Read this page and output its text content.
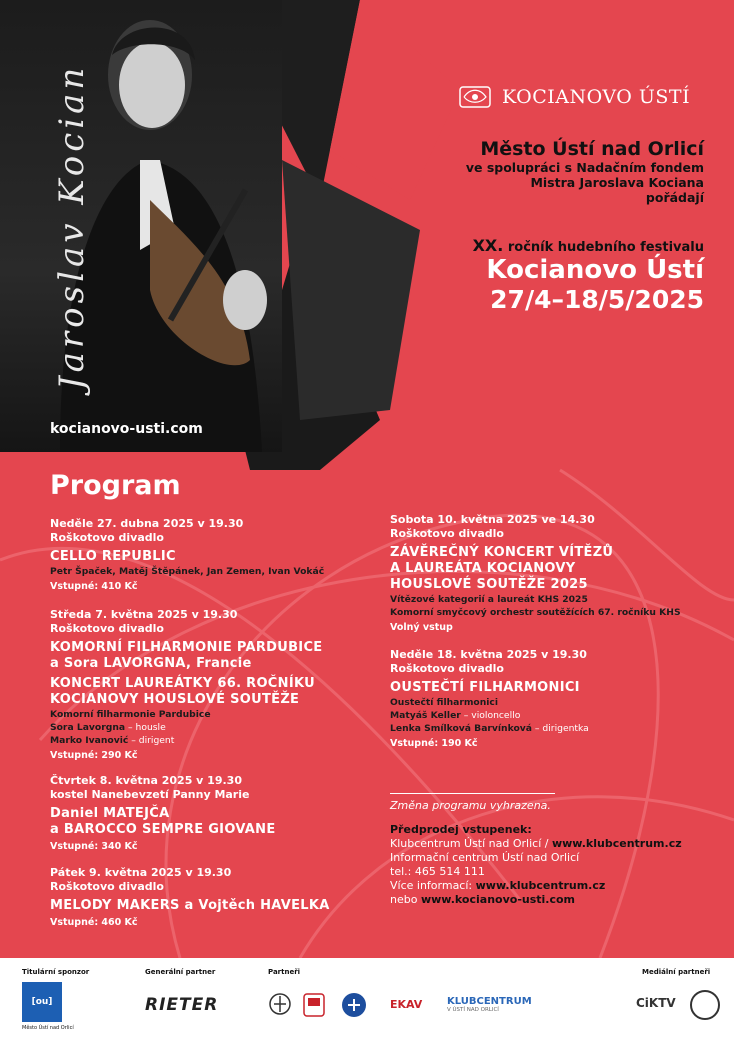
Jaroslav Kocian
kocianovo-usti.com
KOCIANOVO ÚSTÍ
Město Ústí nad Orlicí
ve spolupráci s Nadačním fondem
Mistra Jaroslava Kociana
pořádají
XX. ročník hudebního festivalu
Kocianovo Ústí
27/4–18/5/2025
Program
Neděle 27. dubna 2025 v 19.30
Roškotovo divadlo
CELLO REPUBLIC
Petr Špaček, Matěj Štěpánek, Jan Zemen, Ivan Vokáč
Vstupné: 410 Kč
Středa 7. května 2025 v 19.30
Roškotovo divadlo
KOMORNÍ FILHARMONIE PARDUBICE
a Sora LAVORGNA, Francie
KONCERT LAUREÁTKY 66. ROČNÍKU
KOCIANOVY HOUSLOVÉ SOUTĚŽE
Komorní filharmonie Pardubice
Sora Lavorgna – housle
Marko Ivanović – dirigent
Vstupné: 290 Kč
Čtvrtek 8. května 2025 v 19.30
kostel Nanebevzetí Panny Marie
Daniel MATEJČA
a BAROCCO SEMPRE GIOVANE
Vstupné: 340 Kč
Pátek 9. května 2025 v 19.30
Roškotovo divadlo
MELODY MAKERS a Vojtěch HAVELKA
Vstupné: 460 Kč
Sobota 10. května 2025 ve 14.30
Roškotovo divadlo
ZÁVĚREČNÝ KONCERT VÍTĚZŮ
A LAUREÁTA KOCIANOVY
HOUSLOVÉ SOUTĚŽE 2025
Vítězové kategorií a laureát KHS 2025
Komorní smyčcový orchestr soutěžících 67. ročníku KHS
Volný vstup
Neděle 18. května 2025 v 19.30
Roškotovo divadlo
OUSTEČTÍ FILHARMONICI
Oustečtí filharmonici
Matyáš Keller – violoncello
Lenka Smílková Barvínková – dirigentka
Vstupné: 190 Kč
Změna programu vyhrazena.
Předprodej vstupenek:
Klubcentrum Ústí nad Orlicí / www.klubcentrum.cz
Informační centrum Ústí nad Orlicí
tel.: 465 514 111
Více informací: www.klubcentrum.cz
nebo www.kocianovo-usti.com
Titulární sponzor	Generální partner	Partneři	Mediální partneři
[ou]
Město Ústí nad Orlicí
RIETER	EKAV KLUBCENTRUM
V ÚSTÍ NAD ORLICÍ	CiKTV
